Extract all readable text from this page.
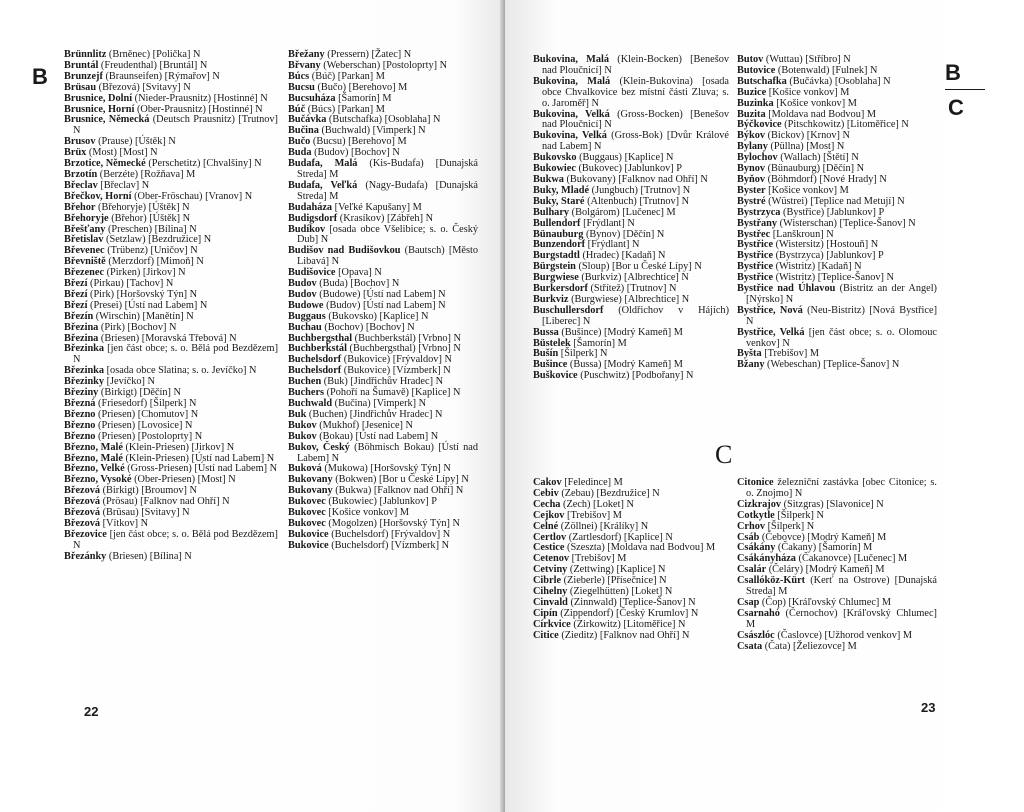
B

Brünnlitz (Brněnec) [Polička] N

Bruntál (Freudenthal) [Bruntál] N

Brunzejf (Braunseifen) [Rýmařov] N

Brüsau (Březová) [Svitavy] N

Brusnice, Dolní (Nieder-Prausnitz) [Hostinné] N

Brusnice, Horní (Ober-Prausnitz) [Hostinné] N

Brusnice, Německá (Deutsch Prausnitz) [Trutnov] N

Brusov (Prause) [Úštěk] N

Brüx (Most) [Most] N

Brzotice, Německé (Perschetitz) [Chvalšiny] N

Brzotín (Berzéte) [Rožňava] M

Břeclav [Břeclav] N

Břečkov, Horní (Ober-Fröschau) [Vranov] N

Břehor (Břehoryje) [Úštěk] N

Břehoryje (Břehor) [Úštěk] N

Břešťany (Preschen) [Bílina] N

Břetislav (Setzlaw) [Bezdružice] N

Břevenec (Trübenz) [Uničov] N

Břevniště (Merzdorf) [Mimoň] N

Březenec (Pirken) [Jirkov] N

Březí (Pirkau) [Tachov] N

Březí (Pirk) [Horšovský Týn] N

Březí (Presei) [Ústí nad Labem] N

Březín (Wirschin) [Manětín] N

Březina (Pirk) [Bochov] N

Březina (Briesen) [Moravská Třebová] N

Březinka [jen část obce; s. o. Bělá pod Bezdězem] N

Březinka [osada obce Slatina; s. o. Jevíčko] N

Březinky [Jevíčko] N

Březiny (Birkigt) [Děčín] N

Březná (Friesedorf) [Šilperk] N

Březno (Priesen) [Chomutov] N

Březno (Priesen) [Lovosice] N

Březno (Priesen) [Postoloprty] N

Březno, Malé (Klein-Priesen) [Jirkov] N

Březno, Malé (Klein-Priesen) [Ústí nad Labem] N

Březno, Velké (Gross-Priesen) [Ústí nad Labem] N

Březno, Vysoké (Ober-Priesen) [Most] N

Březová (Birkigt) [Broumov] N

Březová (Prösau) [Falknov nad Ohří] N

Březová (Brüsau) [Svitavy] N

Březová [Vítkov] N

Březovice [jen část obce; s. o. Bělá pod Bezdězem] N

Březánky (Briesen) [Bílina] N

Břežany (Pressern) [Žatec] N

Břvany (Weberschan) [Postoloprty] N

Búcs (Búč) [Parkan] M

Bucsu (Bučo) [Berehovo] M

Bucsuháza [Šamorín] M

Búč (Búcs) [Parkan] M

Bučávka (Butschafka) [Osoblaha] N

Bučina (Buchwald) [Vimperk] N

Bučo (Bucsu) [Berehovo] M

Buda (Budov) [Bochov] N

Budafa, Malá (Kis-Budafa) [Dunajská Streda] M

Budafa, Veľká (Nagy-Budafa) [Dunajská Streda] M

Budaháza [Veľké Kapušany] M

Budigsdorf (Krasíkov) [Zábřeh] N

Budíkov [osada obce Všelibice; s. o. Český Dub] N

Budišov nad Budišovkou (Bautsch) [Město Libavá] N

Budišovice [Opava] N

Budov (Buda) [Bochov] N

Budov (Budowe) [Ústí nad Labem] N

Budowe (Budov) [Ústí nad Labem] N

Buggaus (Bukovsko) [Kaplice] N

Buchau (Bochov) [Bochov] N

Buchbergsthal (Buchberkstál) [Vrbno] N

Buchberkstál (Buchbergsthal) [Vrbno] N

Buchelsdorf (Bukovice) [Frývaldov] N

Buchelsdorf (Bukovice) [Vízmberk] N

Buchen (Buk) [Jindřichův Hradec] N

Buchers (Pohoří na Šumavě) [Kaplice] N

Buchwald (Bučina) [Vimperk] N

Buk (Buchen) [Jindřichův Hradec] N

Bukov (Mukhof) [Jesenice] N

Bukov (Bokau) [Ústí nad Labem] N

Bukov, Český (Böhmisch Bokau) [Ústí nad Labem] N

Buková (Mukowa) [Horšovský Týn] N

Bukovany (Bokwen) [Bor u České Lípy] N

Bukovany (Bukwa) [Falknov nad Ohří] N

Bukovec (Bukowiec) [Jablunkov] P

Bukovec [Košice vonkov] M

Bukovec (Mogolzen) [Horšovský Týn] N

Bukovice (Buchelsdorf) [Frývaldov] N

Bukovice (Buchelsdorf) [Vízmberk] N

22

Bukovina, Malá (Klein-Bocken) [Benešov nad Ploučnicí] N

Bukovina, Malá (Klein-Bukovina) [osada obce Chvalkovice bez místní části Zluva; s. o. Jaroměř] N

Bukovina, Velká (Gross-Bocken) [Benešov nad Ploučnicí] N

Bukovina, Velká (Gross-Bok) [Dvůr Králové nad Labem] N

Bukovsko (Buggaus) [Kaplice] N

Bukowiec (Bukovec) [Jablunkov] P

Bukwa (Bukovany) [Falknov nad Ohří] N

Buky, Mladé (Jungbuch) [Trutnov] N

Buky, Staré (Altenbuch) [Trutnov] N

Bulhary (Bolgárom) [Lučenec] M

Bullendorf [Frýdlant] N

Bünauburg (Bynov) [Děčín] N

Bunzendorf [Frýdlant] N

Burgstadtl (Hradec) [Kadaň] N

Bürgstein (Sloup) [Bor u České Lípy] N

Burgwiese (Burkviz) [Albrechtice] N

Burkersdorf (Střítež) [Trutnov] N

Burkviz (Burgwiese) [Albrechtice] N

Buschullersdorf (Oldřichov v Hájích) [Liberec] N

Bussa (Bušince) [Modrý Kameň] M

Büstelek [Šamorín] M

Bušín [Šilperk] N

Bušince (Bussa) [Modrý Kameň] M

Buškovice (Puschwitz) [Podbořany] N

Butov (Wuttau) [Stříbro] N

Butovice (Botenwald) [Fulnek] N

Butschafka (Bučávka) [Osoblaha] N

Buzice [Košice vonkov] M

Buzinka [Košice vonkov] M

Buzita [Moldava nad Bodvou] M

Býčkovice (Pitschkowitz) [Litoměřice] N

Býkov (Bickov) [Krnov] N

Bylany (Püllna) [Most] N

Bylochov (Wallach) [Štětí] N

Bynov (Bünauburg) [Děčín] N

Byňov (Böhmdorf) [Nové Hrady] N

Byster [Košice vonkov] M

Bystré (Wüstrei) [Teplice nad Metují] N

Bystrzyca (Bystřice) [Jablunkov] P

Bystřany (Wisterschan) [Teplice-Šanov] N

Bystřec [Lanškroun] N

Bystřice (Wistersitz) [Hostouň] N

Bystřice (Bystrzyca) [Jablunkov] P

Bystřice (Wistritz) [Kadaň] N

Bystřice (Wistritz) [Teplice-Šanov] N

Bystřice nad Úhlavou (Bistritz an der Angel) [Nýrsko] N

Bystřice, Nová (Neu-Bistritz) [Nová Bystřice] N

Bystřice, Velká [jen část obce; s. o. Olomouc venkov] N

Byšta [Trebišov] M

Bžany (Webeschan) [Teplice-Šanov] N

B
C
C

Cakov [Feledince] M

Cebiv (Zebau) [Bezdružice] N

Cecha (Zech) [Loket] N

Cejkov [Trebišov] M

Celné (Zöllnei) [Králíky] N

Certlov (Zartlesdorf) [Kaplice] N

Cestice (Szeszta) [Moldava nad Bodvou] M

Cetenov [Trebišov] M

Cetviny (Zettwing) [Kaplice] N

Cibrle (Zieberle) [Přísečnice] N

Cihelny (Ziegelhütten) [Loket] N

Cinvald (Zinnwald) [Teplice-Šanov] N

Cipín (Zippendorf) [Český Krumlov] N

Církvice (Zirkowitz) [Litoměřice] N

Citice (Zieditz) [Falknov nad Ohří] N

Citonice železniční zastávka [obec Citonice; s. o. Znojmo] N

Cizkrajov (Sitzgras) [Slavonice] N

Cotkytle [Šilperk] N

Crhov [Šilperk] N

Csáb (Čebovce) [Modrý Kameň] M

Csákány (Čakany) [Šamorín] M

Csákányháza (Čakanovce) [Lučenec] M

Csalár (Čeláry) [Modrý Kameň] M

Csallóköz-Kürt (Kerť na Ostrove) [Dunajská Streda] M

Csap (Čop) [Kráľovský Chlumec] M

Csarnahó (Černochov) [Kráľovský Chlumec] M

Császlóc (Časlovce) [Užhorod venkov] M

Csata (Čata) [Želiezovce] M

23
